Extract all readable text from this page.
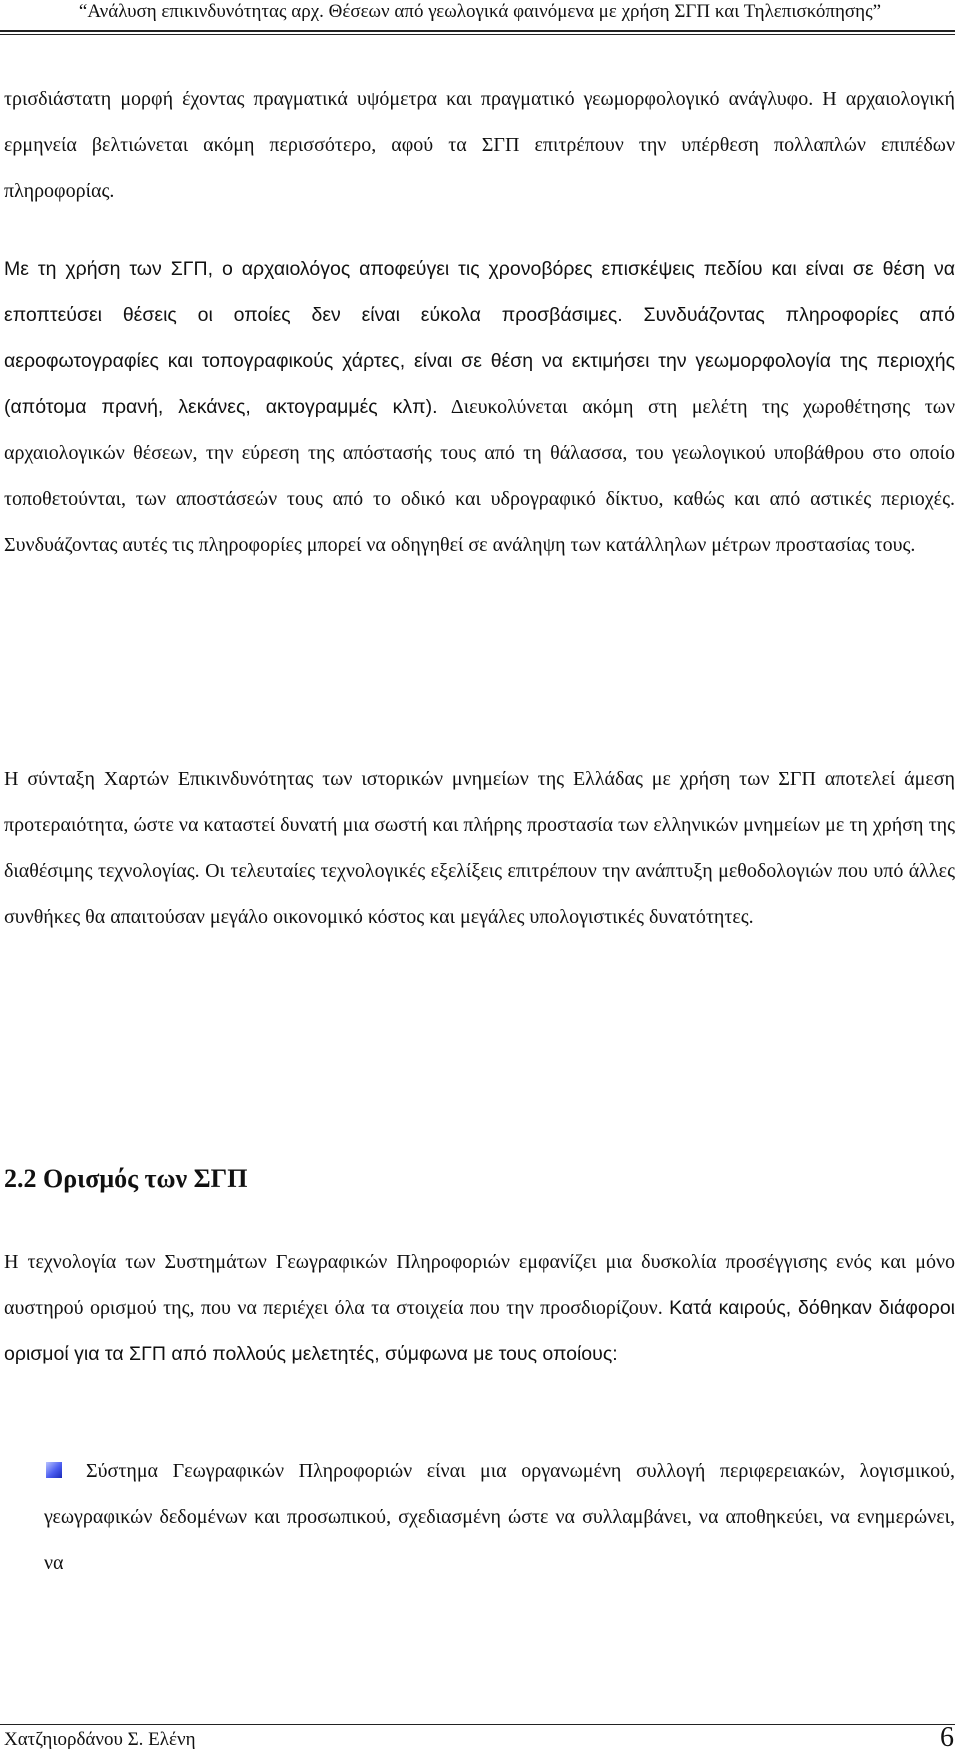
“Ανάλυση επικινδυνότητας αρχ. Θέσεων από γεωλογικά φαινόμενα με χρήση ΣΓΠ και Τηλεπισκόπησης”

τρισδιάστατη μορφή έχοντας πραγματικά υψόμετρα και πραγματικό γεωμορφολογικό ανάγλυφο. Η αρχαιολογική ερμηνεία βελτιώνεται ακόμη περισσότερο, αφού τα ΣΓΠ επιτρέπουν την υπέρθεση πολλαπλών επιπέδων πληροφορίας.

Με τη χρήση των ΣΓΠ, ο αρχαιολόγος αποφεύγει τις χρονοβόρες επισκέψεις πεδίου και είναι σε θέση να εποπτεύσει θέσεις οι οποίες δεν είναι εύκολα προσβάσιμες. Συνδυάζοντας πληροφορίες από αεροφωτογραφίες και τοπογραφικούς χάρτες, είναι σε θέση να εκτιμήσει την γεωμορφολογία της περιοχής (απότομα πρανή, λεκάνες, ακτογραμμές κλπ). Διευκολύνεται ακόμη στη μελέτη της χωροθέτησης των αρχαιολογικών θέσεων, την εύρεση της απόστασής τους από τη θάλασσα, του γεωλογικού υποβάθρου στο οποίο τοποθετούνται, των αποστάσεών τους από το οδικό και υδρογραφικό δίκτυο, καθώς και από αστικές περιοχές. Συνδυάζοντας αυτές τις πληροφορίες μπορεί να οδηγηθεί σε ανάληψη των κατάλληλων μέτρων προστασίας τους.

Η σύνταξη Χαρτών Επικινδυνότητας των ιστορικών μνημείων της Ελλάδας με χρήση των ΣΓΠ αποτελεί άμεση προτεραιότητα, ώστε να καταστεί δυνατή μια σωστή και πλήρης προστασία των ελληνικών μνημείων με τη χρήση της διαθέσιμης τεχνολογίας. Οι τελευταίες τεχνολογικές εξελίξεις επιτρέπουν την ανάπτυξη μεθοδολογιών που υπό άλλες συνθήκες θα απαιτούσαν μεγάλο οικονομικό κόστος και μεγάλες υπολογιστικές δυνατότητες.

2.2 Ορισμός των ΣΓΠ

Η τεχνολογία των Συστημάτων Γεωγραφικών Πληροφοριών εμφανίζει μια δυσκολία προσέγγισης ενός και μόνο αυστηρού ορισμού της, που να περιέχει όλα τα στοιχεία που την προσδιορίζουν. Κατά καιρούς, δόθηκαν διάφοροι ορισμοί για τα ΣΓΠ από πολλούς μελετητές, σύμφωνα με τους οποίους:

Σύστημα Γεωγραφικών Πληροφοριών είναι μια οργανωμένη συλλογή περιφερειακών, λογισμικού, γεωγραφικών δεδομένων και προσωπικού, σχεδιασμένη ώστε να συλλαμβάνει, να αποθηκεύει, να ενημερώνει, να

Χατζηιορδάνου Σ. Ελένη	6
